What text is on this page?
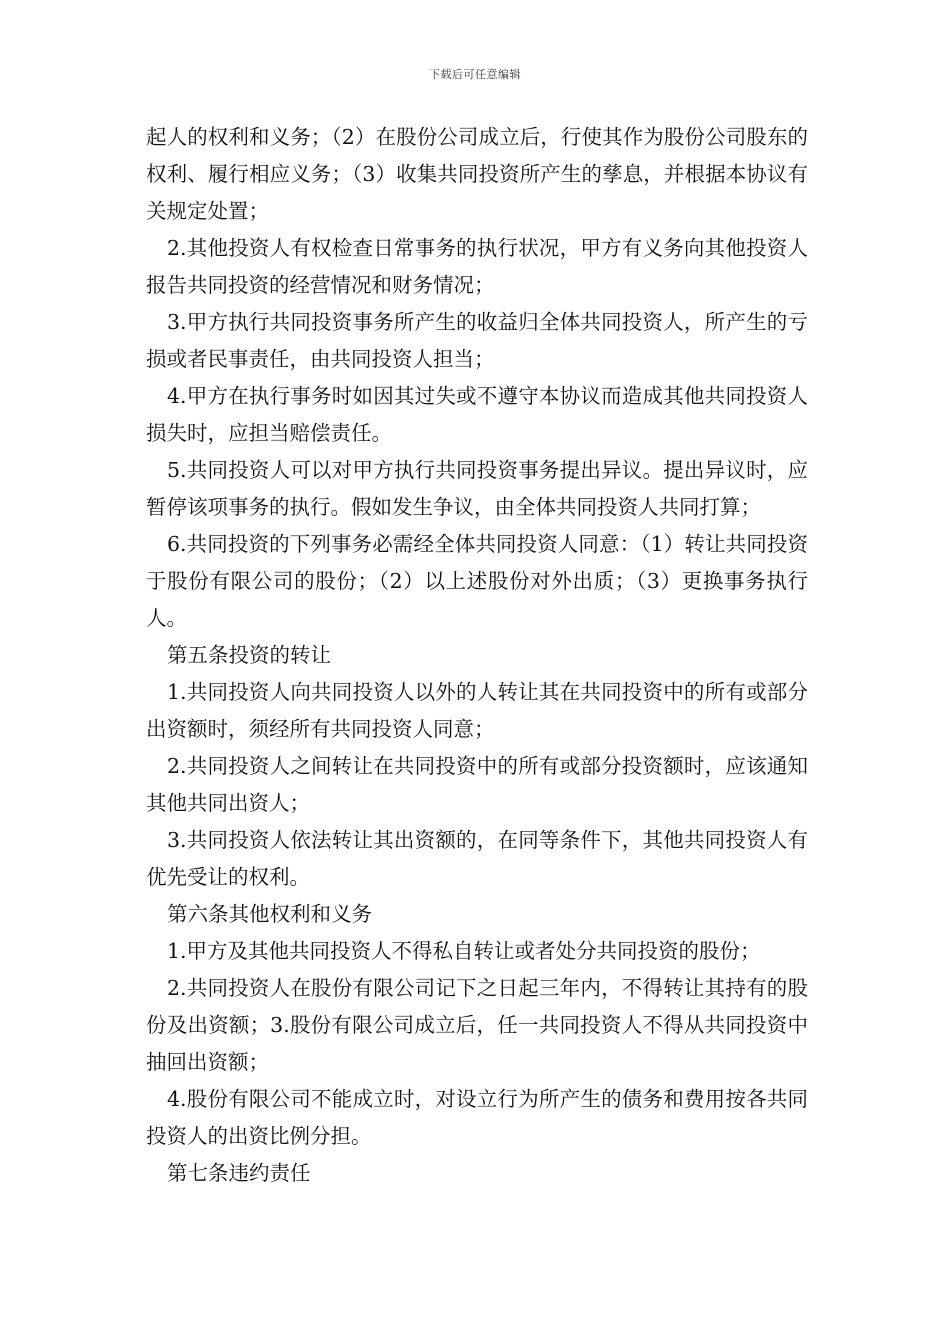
下载后可任意编辑

起人的权利和义务；（2）在股份公司成立后，行使其作为股份公司股东的权利、履行相应义务；（3）收集共同投资所产生的孳息，并根据本协议有关规定处置；

2.其他投资人有权检查日常事务的执行状况，甲方有义务向其他投资人报告共同投资的经营情况和财务情况；

3.甲方执行共同投资事务所产生的收益归全体共同投资人，所产生的亏损或者民事责任，由共同投资人担当；

4.甲方在执行事务时如因其过失或不遵守本协议而造成其他共同投资人损失时，应担当赔偿责任。

5.共同投资人可以对甲方执行共同投资事务提出异议。提出异议时，应暂停该项事务的执行。假如发生争议，由全体共同投资人共同打算；

6.共同投资的下列事务必需经全体共同投资人同意：（1）转让共同投资于股份有限公司的股份；（2）以上述股份对外出质；（3）更换事务执行人。

第五条投资的转让

1.共同投资人向共同投资人以外的人转让其在共同投资中的所有或部分出资额时，须经所有共同投资人同意；

2.共同投资人之间转让在共同投资中的所有或部分投资额时，应该通知其他共同出资人；

3.共同投资人依法转让其出资额的，在同等条件下，其他共同投资人有优先受让的权利。

第六条其他权利和义务

1.甲方及其他共同投资人不得私自转让或者处分共同投资的股份；

2.共同投资人在股份有限公司记下之日起三年内，不得转让其持有的股份及出资额；3.股份有限公司成立后，任一共同投资人不得从共同投资中抽回出资额；

4.股份有限公司不能成立时，对设立行为所产生的债务和费用按各共同投资人的出资比例分担。

第七条违约责任
